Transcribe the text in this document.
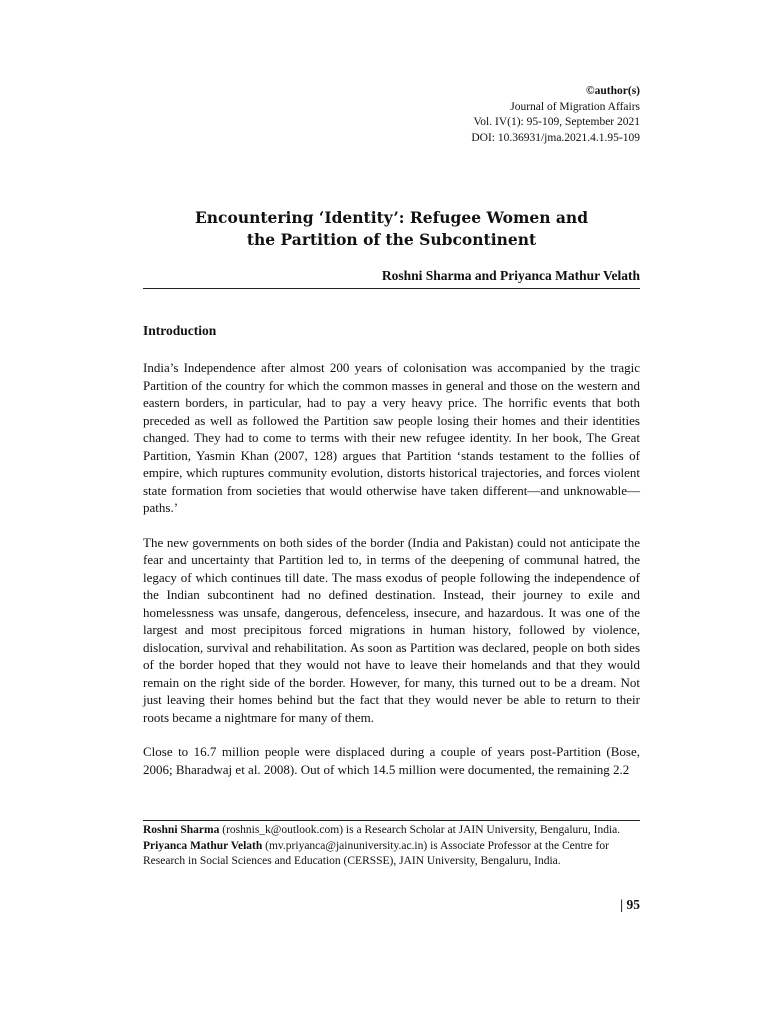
©author(s)
Journal of Migration Affairs
Vol. IV(1): 95-109, September 2021
DOI: 10.36931/jma.2021.4.1.95-109
Encountering ‘Identity’: Refugee Women and
the Partition of the Subcontinent
Roshni Sharma and Priyanca Mathur Velath
Introduction

India’s Independence after almost 200 years of colonisation was accompanied by the tragic Partition of the country for which the common masses in general and those on the western and eastern borders, in particular, had to pay a very heavy price. The horrific events that both preceded as well as followed the Partition saw people losing their homes and their identities changed. They had to come to terms with their new refugee identity. In her book, The Great Partition, Yasmin Khan (2007, 128) argues that Partition ‘stands testament to the follies of empire, which ruptures community evolution, distorts historical trajectories, and forces violent state formation from societies that would otherwise have taken different—and unknowable—paths.’

The new governments on both sides of the border (India and Pakistan) could not anticipate the fear and uncertainty that Partition led to, in terms of the deepening of communal hatred, the legacy of which continues till date. The mass exodus of people following the independence of the Indian subcontinent had no defined destination. Instead, their journey to exile and homelessness was unsafe, dangerous, defenceless, insecure, and hazardous. It was one of the largest and most precipitous forced migrations in human history, followed by violence, dislocation, survival and rehabilitation. As soon as Partition was declared, people on both sides of the border hoped that they would not have to leave their homelands and that they would remain on the right side of the border. However, for many, this turned out to be a dream. Not just leaving their homes behind but the fact that they would never be able to return to their roots became a nightmare for many of them.

Close to 16.7 million people were displaced during a couple of years post-Partition (Bose, 2006; Bharadwaj et al. 2008). Out of which 14.5 million were documented, the remaining 2.2

Roshni Sharma (roshnis_k@outlook.com) is a Research Scholar at JAIN University, Bengaluru, India.

Priyanca Mathur Velath (mv.priyanca@jainuniversity.ac.in) is Associate Professor at the Centre for Research in Social Sciences and Education (CERSSE), JAIN University, Bengaluru, India.

| 95
